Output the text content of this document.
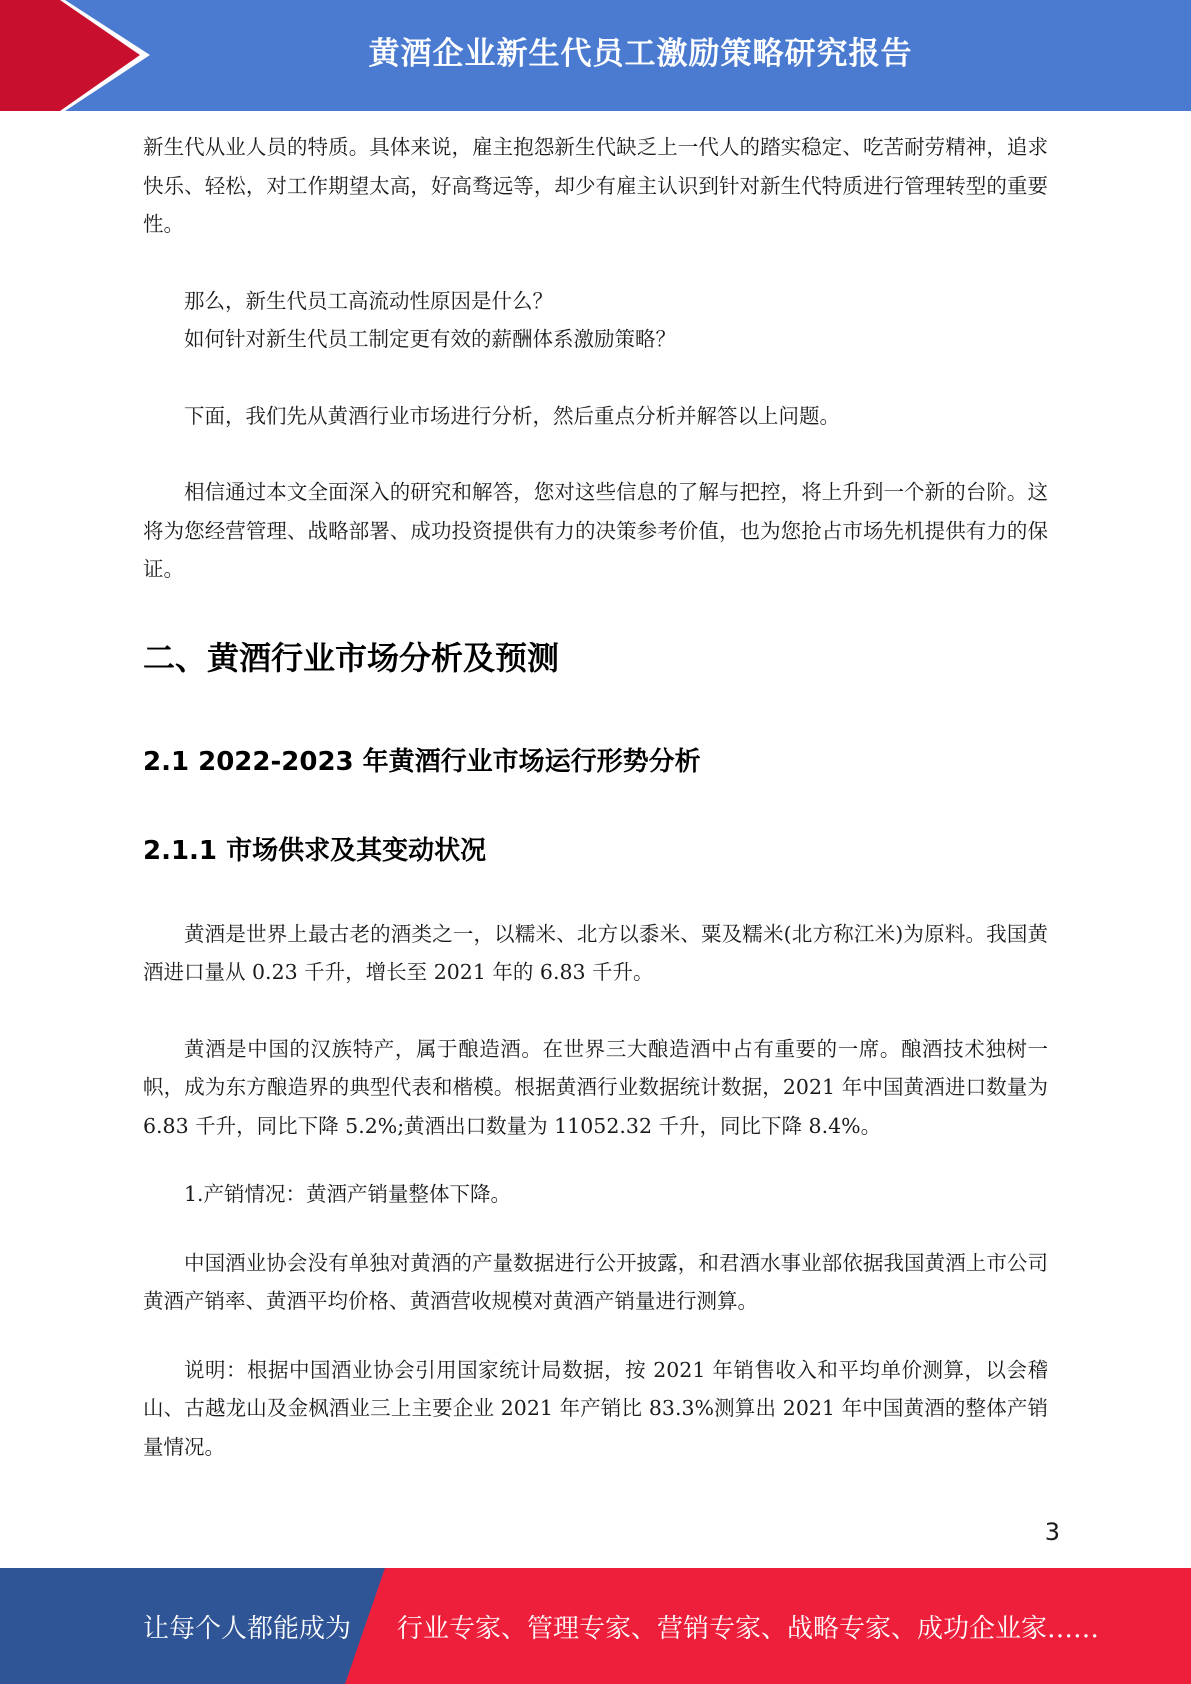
黄酒企业新生代员工激励策略研究报告

新生代从业人员的特质。具体来说，雇主抱怨新生代缺乏上一代人的踏实稳定、吃苦耐劳精神，追求快乐、轻松，对工作期望太高，好高骛远等，却少有雇主认识到针对新生代特质进行管理转型的重要性。

那么，新生代员工高流动性原因是什么？

如何针对新生代员工制定更有效的薪酬体系激励策略？

下面，我们先从黄酒行业市场进行分析，然后重点分析并解答以上问题。

相信通过本文全面深入的研究和解答，您对这些信息的了解与把控，将上升到一个新的台阶。这将为您经营管理、战略部署、成功投资提供有力的决策参考价值，也为您抢占市场先机提供有力的保证。

二、黄酒行业市场分析及预测
2.1 2022-2023 年黄酒行业市场运行形势分析
2.1.1 市场供求及其变动状况

黄酒是世界上最古老的酒类之一，以糯米、北方以黍米、粟及糯米(北方称江米)为原料。我国黄酒进口量从 0.23 千升，增长至 2021 年的 6.83 千升。

黄酒是中国的汉族特产，属于酿造酒。在世界三大酿造酒中占有重要的一席。酿酒技术独树一帜，成为东方酿造界的典型代表和楷模。根据黄酒行业数据统计数据，2021 年中国黄酒进口数量为 6.83 千升，同比下降 5.2%;黄酒出口数量为 11052.32 千升，同比下降 8.4%。

1.产销情况：黄酒产销量整体下降。

中国酒业协会没有单独对黄酒的产量数据进行公开披露，和君酒水事业部依据我国黄酒上市公司黄酒产销率、黄酒平均价格、黄酒营收规模对黄酒产销量进行测算。

说明：根据中国酒业协会引用国家统计局数据，按 2021 年销售收入和平均单价测算，以会稽山、古越龙山及金枫酒业三上主要企业 2021 年产销比 83.3%测算出 2021 年中国黄酒的整体产销量情况。

3
让每个人都能成为 行业专家、管理专家、营销专家、战略专家、成功企业家……
